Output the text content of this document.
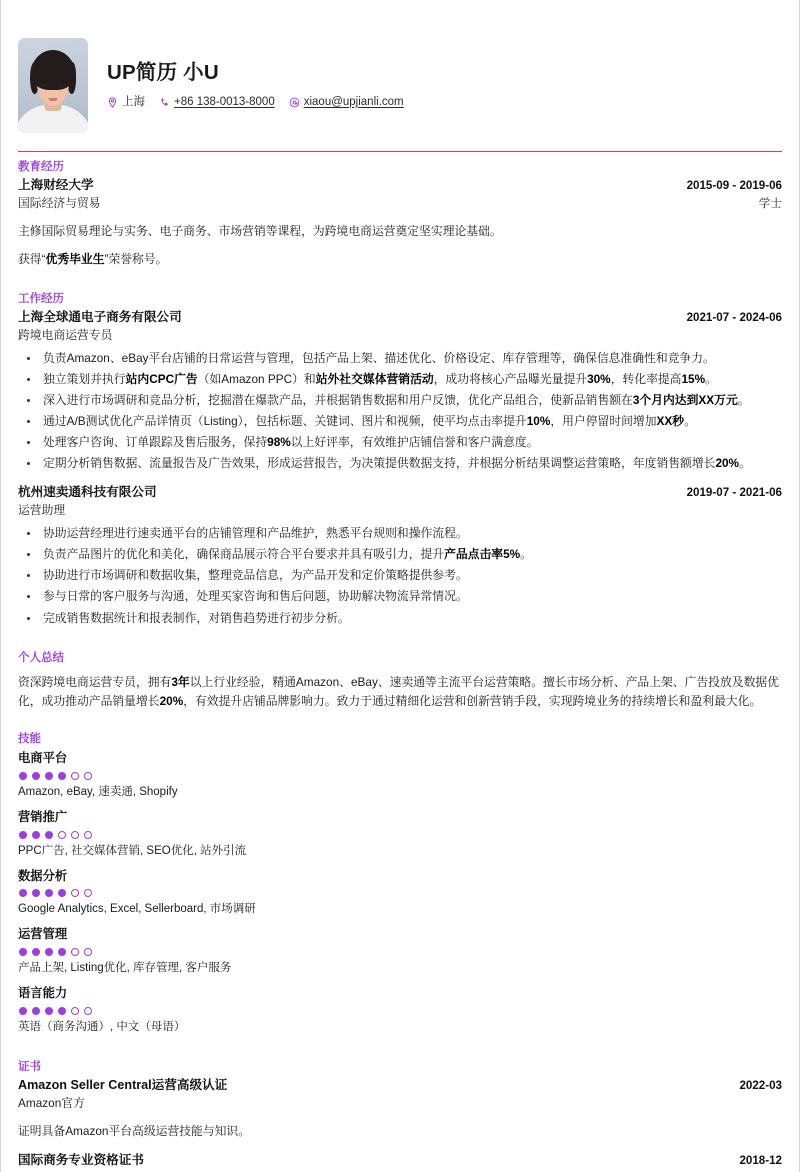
UP简历 小U
上海	+86 138-0013-8000	xiaou@upjianli.com
教育经历
上海财经大学	2015-09 - 2019-06
国际经济与贸易	学士
主修国际贸易理论与实务、电子商务、市场营销等课程，为跨境电商运营奠定坚实理论基础。
获得“优秀毕业生”荣誉称号。
工作经历
上海全球通电子商务有限公司	2021-07 - 2024-06
跨境电商运营专员
负责Amazon、eBay平台店铺的日常运营与管理，包括产品上架、描述优化、价格设定、库存管理等，确保信息准确性和竞争力。
独立策划并执行站内CPC广告（如Amazon PPC）和站外社交媒体营销活动，成功将核心产品曝光量提升30%，转化率提高15%。
深入进行市场调研和竞品分析，挖掘潜在爆款产品，并根据销售数据和用户反馈，优化产品组合，使新品销售额在3个月内达到XX万元。
通过A/B测试优化产品详情页（Listing），包括标题、关键词、图片和视频，使平均点击率提升10%，用户停留时间增加XX秒。
处理客户咨询、订单跟踪及售后服务，保持98%以上好评率，有效维护店铺信誉和客户满意度。
定期分析销售数据、流量报告及广告效果，形成运营报告，为决策提供数据支持，并根据分析结果调整运营策略，年度销售额增长20%。
杭州速卖通科技有限公司	2019-07 - 2021-06
运营助理
协助运营经理进行速卖通平台的店铺管理和产品维护，熟悉平台规则和操作流程。
负责产品图片的优化和美化，确保商品展示符合平台要求并具有吸引力，提升产品点击率5%。
协助进行市场调研和数据收集，整理竞品信息，为产品开发和定价策略提供参考。
参与日常的客户服务与沟通，处理买家咨询和售后问题，协助解决物流异常情况。
完成销售数据统计和报表制作，对销售趋势进行初步分析。
个人总结
资深跨境电商运营专员，拥有3年以上行业经验，精通Amazon、eBay、速卖通等主流平台运营策略。擅长市场分析、产品上架、广告投放及数据优化，成功推动产品销量增长20%，有效提升店铺品牌影响力。致力于通过精细化运营和创新营销手段，实现跨境业务的持续增长和盈利最大化。
技能
电商平台
Amazon, eBay, 速卖通, Shopify
营销推广
PPC广告, 社交媒体营销, SEO优化, 站外引流
数据分析
Google Analytics, Excel, Sellerboard, 市场调研
运营管理
产品上架, Listing优化, 库存管理, 客户服务
语言能力
英语（商务沟通）, 中文（母语）
证书
Amazon Seller Central运营高级认证	2022-03
Amazon官方
证明具备Amazon平台高级运营技能与知识。
国际商务专业资格证书	2018-12
